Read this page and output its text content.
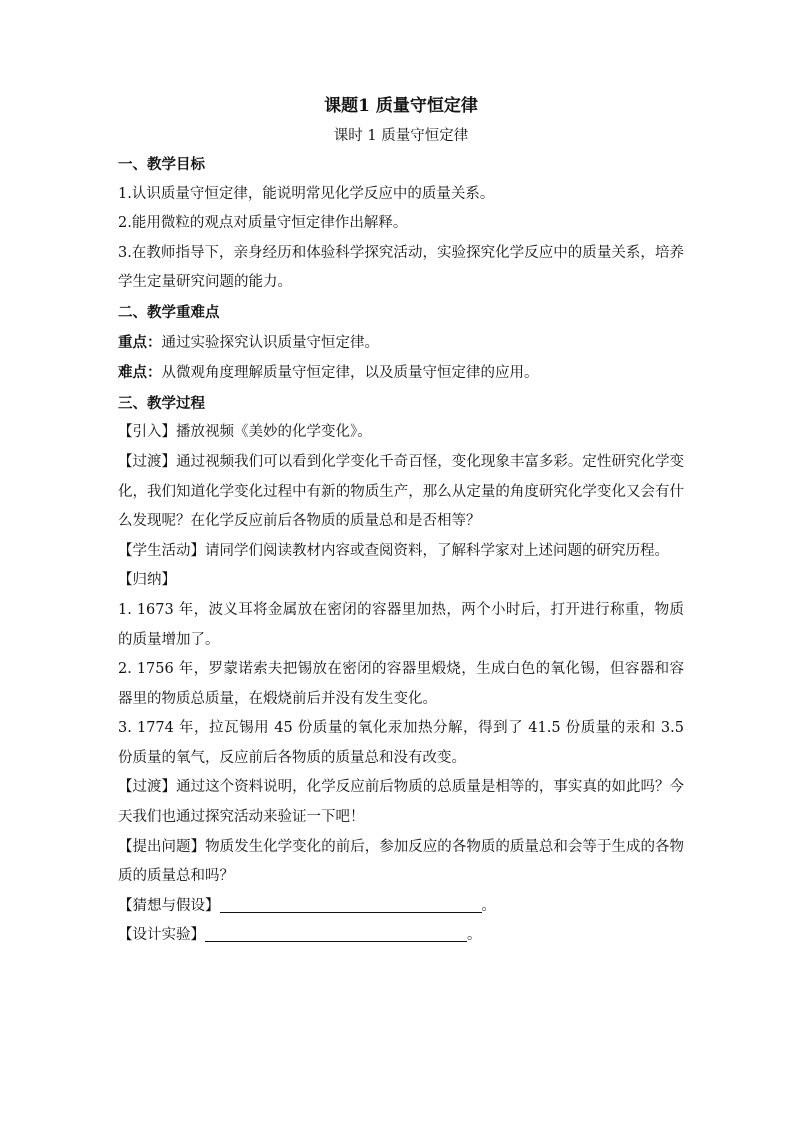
课题1 质量守恒定律

课时 1 质量守恒定律

一、教学目标

1.认识质量守恒定律，能说明常见化学反应中的质量关系。

2.能用微粒的观点对质量守恒定律作出解释。

3.在教师指导下，亲身经历和体验科学探究活动，实验探究化学反应中的质量关系，培养学生定量研究问题的能力。

二、教学重难点

重点：通过实验探究认识质量守恒定律。

难点：从微观角度理解质量守恒定律，以及质量守恒定律的应用。

三、教学过程

【引入】播放视频《美妙的化学变化》。

【过渡】通过视频我们可以看到化学变化千奇百怪，变化现象丰富多彩。定性研究化学变化，我们知道化学变化过程中有新的物质生产，那么从定量的角度研究化学变化又会有什么发现呢？在化学反应前后各物质的质量总和是否相等？

【学生活动】请同学们阅读教材内容或查阅资料，了解科学家对上述问题的研究历程。

【归纳】

1. 1673 年，波义耳将金属放在密闭的容器里加热，两个小时后，打开进行称重，物质的质量增加了。

2. 1756 年，罗蒙诺索夫把锡放在密闭的容器里煅烧，生成白色的氧化锡，但容器和容器里的物质总质量，在煅烧前后并没有发生变化。

3. 1774 年，拉瓦锡用 45 份质量的氧化汞加热分解，得到了 41.5 份质量的汞和 3.5 份质量的氧气，反应前后各物质的质量总和没有改变。

【过渡】通过这个资料说明，化学反应前后物质的总质量是相等的，事实真的如此吗？今天我们也通过探究活动来验证一下吧！

【提出问题】物质发生化学变化的前后，参加反应的各物质的质量总和会等于生成的各物质的质量总和吗？

【猜想与假设】	。

【设计实验】	。
